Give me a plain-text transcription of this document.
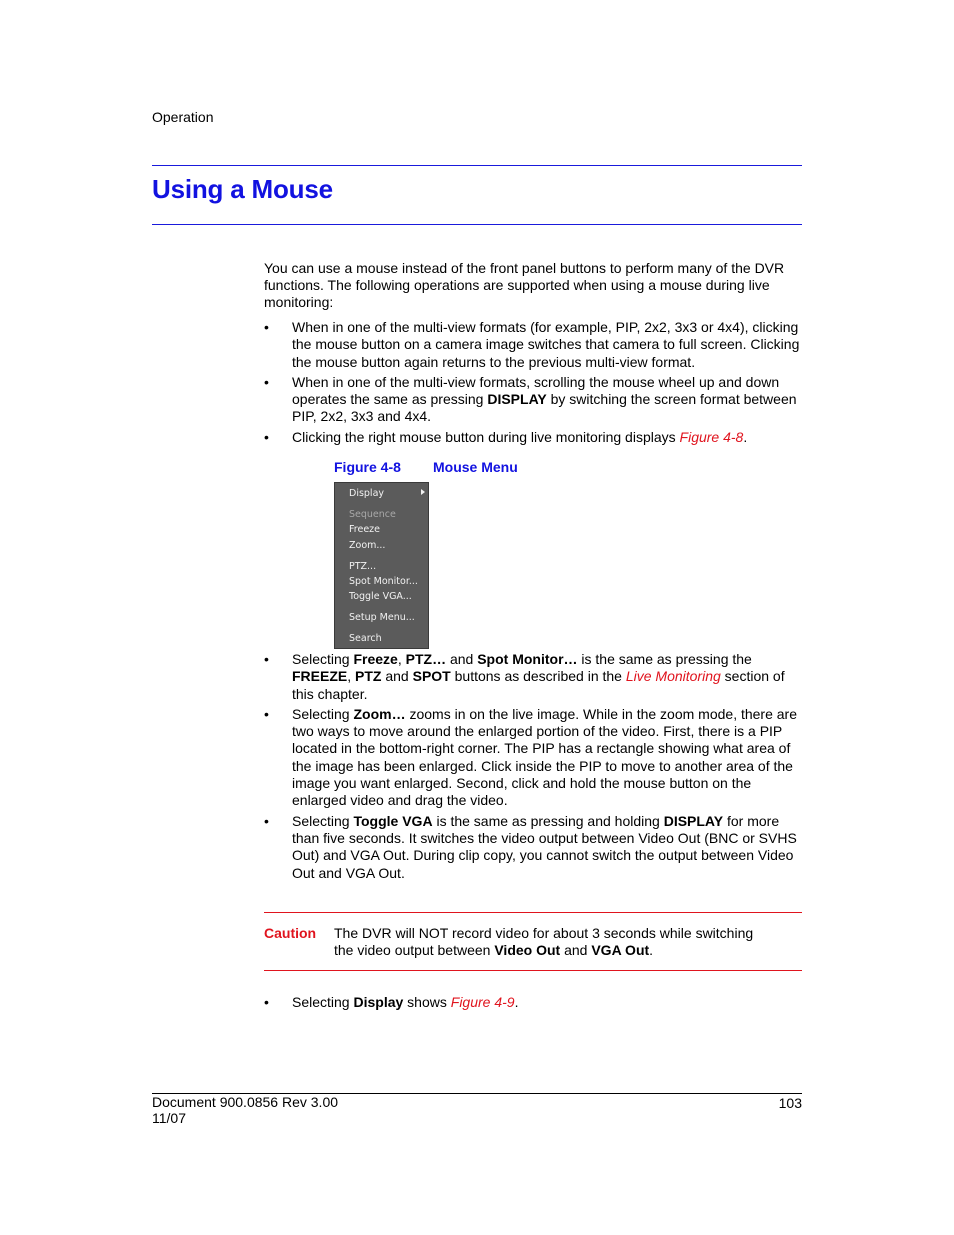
Operation
Using a Mouse
You can use a mouse instead of the front panel buttons to perform many of the DVR functions. The following operations are supported when using a mouse during live monitoring:
• When in one of the multi-view formats (for example, PIP, 2x2, 3x3 or 4x4), clicking the mouse button on a camera image switches that camera to full screen. Clicking the mouse button again returns to the previous multi-view format.
• When in one of the multi-view formats, scrolling the mouse wheel up and down operates the same as pressing DISPLAY by switching the screen format between PIP, 2x2, 3x3 and 4x4.
• Clicking the right mouse button during live monitoring displays Figure 4-8.
Figure 4-8 Mouse Menu
Display
Sequence
Freeze
Zoom...
PTZ...
Spot Monitor...
Toggle VGA...
Setup Menu...
Search
• Selecting Freeze, PTZ… and Spot Monitor… is the same as pressing the FREEZE, PTZ and SPOT buttons as described in the Live Monitoring section of this chapter.
• Selecting Zoom… zooms in on the live image. While in the zoom mode, there are two ways to move around the enlarged portion of the video. First, there is a PIP located in the bottom-right corner. The PIP has a rectangle showing what area of the image has been enlarged. Click inside the PIP to move to another area of the image you want enlarged. Second, click and hold the mouse button on the enlarged video and drag the video.
• Selecting Toggle VGA is the same as pressing and holding DISPLAY for more than five seconds. It switches the video output between Video Out (BNC or SVHS Out) and VGA Out. During clip copy, you cannot switch the output between Video Out and VGA Out.
Caution The DVR will NOT record video for about 3 seconds while switching the video output between Video Out and VGA Out.
• Selecting Display shows Figure 4-9.
Document 900.0856 Rev 3.00
11/07
103
